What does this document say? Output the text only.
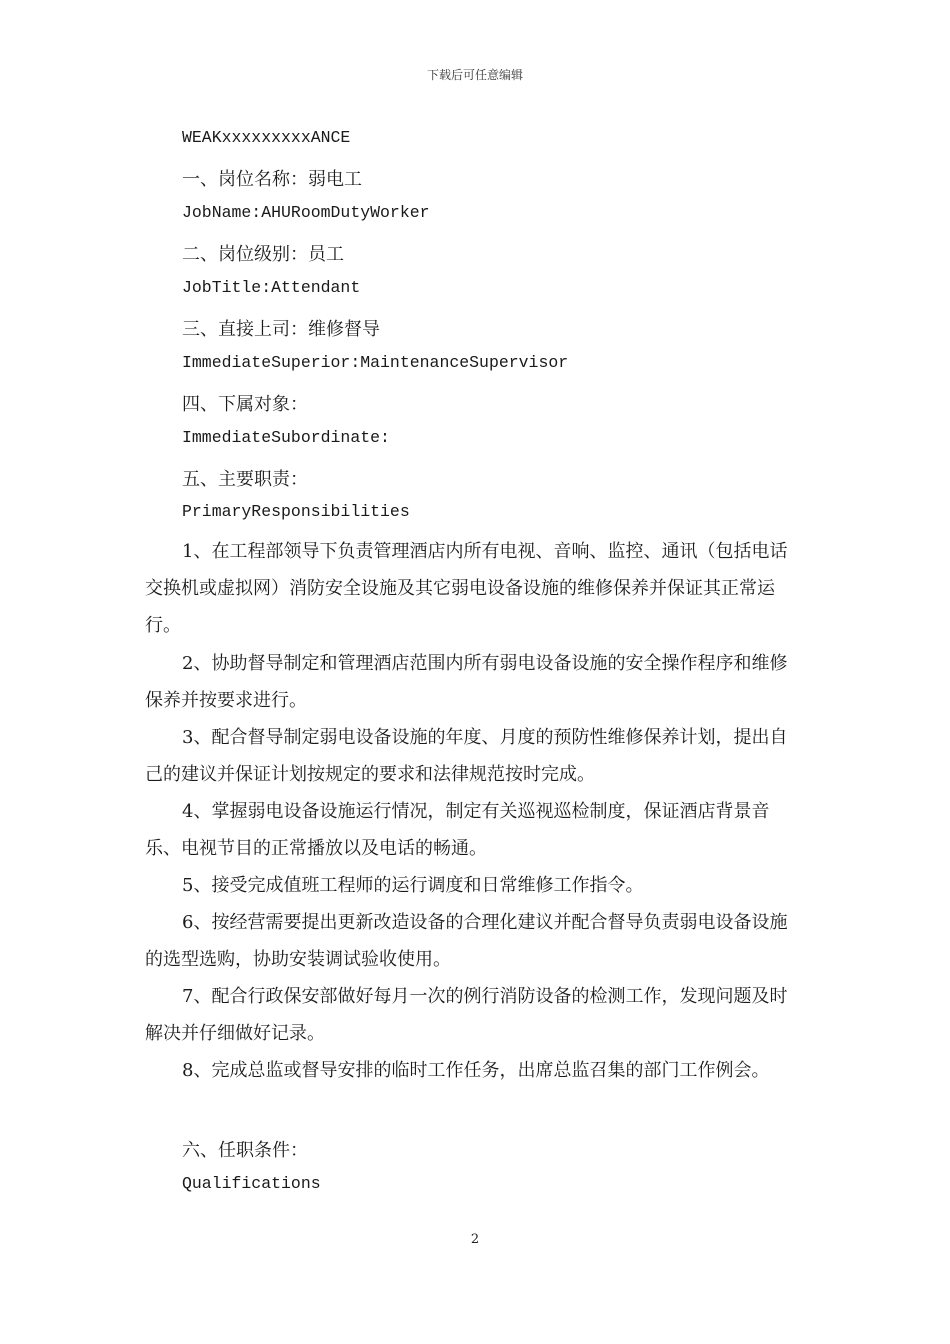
下载后可任意编辑
WEAKxxxxxxxxxANCE
一、岗位名称：弱电工
JobName:AHURoomDutyWorker
二、岗位级别：员工
JobTitle:Attendant
三、直接上司：维修督导
ImmediateSuperior:MaintenanceSupervisor
四、下属对象：
ImmediateSubordinate:
五、主要职责：
PrimaryResponsibilities
1、在工程部领导下负责管理酒店内所有电视、音响、监控、通讯（包括电话交换机或虚拟网）消防安全设施及其它弱电设备设施的维修保养并保证其正常运行。
2、协助督导制定和管理酒店范围内所有弱电设备设施的安全操作程序和维修保养并按要求进行。
3、配合督导制定弱电设备设施的年度、月度的预防性维修保养计划，提出自己的建议并保证计划按规定的要求和法律规范按时完成。
4、掌握弱电设备设施运行情况，制定有关巡视巡检制度，保证酒店背景音乐、电视节目的正常播放以及电话的畅通。
5、接受完成值班工程师的运行调度和日常维修工作指令。
6、按经营需要提出更新改造设备的合理化建议并配合督导负责弱电设备设施的选型选购，协助安装调试验收使用。
7、配合行政保安部做好每月一次的例行消防设备的检测工作，发现问题及时解决并仔细做好记录。
8、完成总监或督导安排的临时工作任务，出席总监召集的部门工作例会。
六、任职条件：
Qualifications
2
